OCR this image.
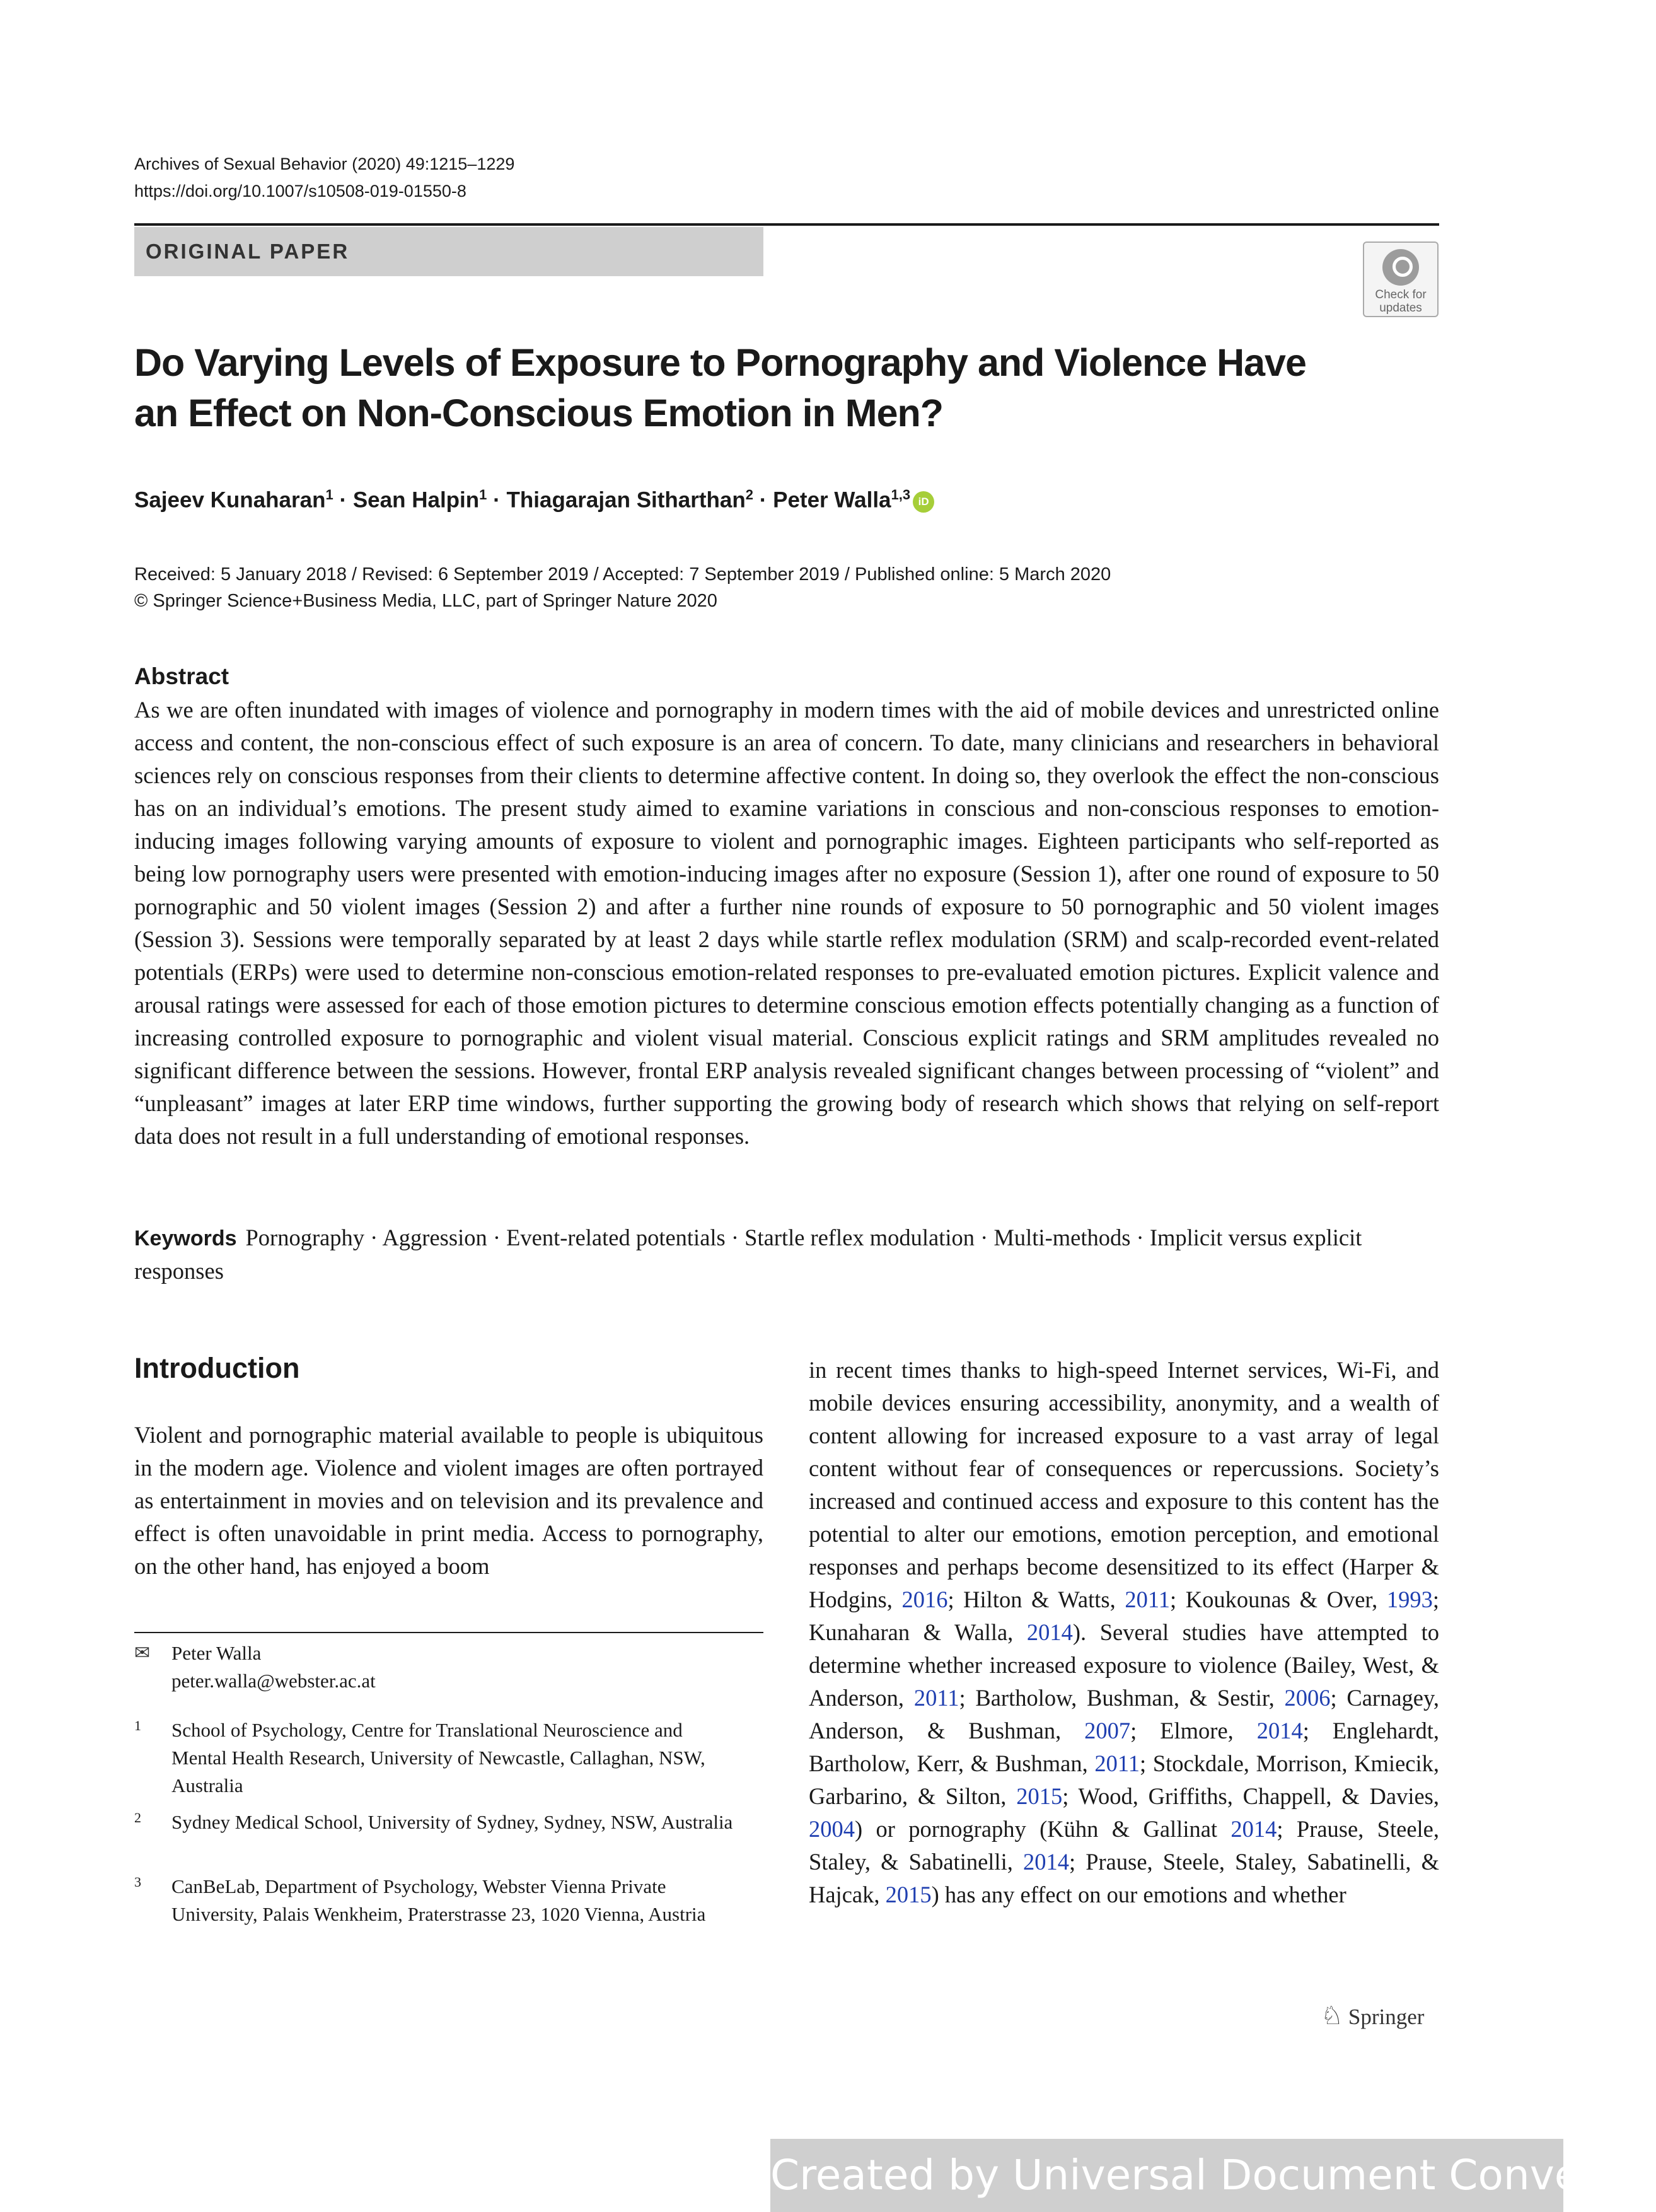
Archives of Sexual Behavior (2020) 49:1215–1229
https://doi.org/10.1007/s10508-019-01550-8
ORIGINAL PAPER
Check for
updates
Do Varying Levels of Exposure to Pornography and Violence Have an Effect on Non-Conscious Emotion in Men?
Sajeev Kunaharan$^1$ · Sean Halpin$^1$ · Thiagarajan Sitharthan$^2$ · Peter Walla$^{1,3}$ iD
Received: 5 January 2018 / Revised: 6 September 2019 / Accepted: 7 September 2019 / Published online: 5 March 2020
© Springer Science+Business Media, LLC, part of Springer Nature 2020
Abstract
As we are often inundated with images of violence and pornography in modern times with the aid of mobile devices and unrestricted online access and content, the non-conscious effect of such exposure is an area of concern. To date, many clinicians and researchers in behavioral sciences rely on conscious responses from their clients to determine affective content. In doing so, they overlook the effect the non-conscious has on an individual’s emotions. The present study aimed to examine variations in conscious and non-conscious responses to emotion-inducing images following varying amounts of exposure to violent and pornographic images. Eighteen participants who self-reported as being low pornography users were presented with emotion-inducing images after no exposure (Session 1), after one round of exposure to 50 pornographic and 50 violent images (Session 2) and after a further nine rounds of exposure to 50 pornographic and 50 violent images (Session 3). Sessions were temporally separated by at least 2 days while startle reflex modulation (SRM) and scalp-recorded event-related potentials (ERPs) were used to determine non-conscious emotion-related responses to pre-evaluated emotion pictures. Explicit valence and arousal ratings were assessed for each of those emotion pictures to determine conscious emotion effects potentially changing as a function of increasing controlled exposure to pornographic and violent visual material. Conscious explicit ratings and SRM amplitudes revealed no significant difference between the sessions. However, frontal ERP analysis revealed significant changes between processing of “violent” and “unpleasant” images at later ERP time windows, further supporting the growing body of research which shows that relying on self-report data does not result in a full understanding of emotional responses.
Keywords Pornography · Aggression · Event-related potentials · Startle reflex modulation · Multi-methods · Implicit versus explicit responses
Introduction
Violent and pornographic material available to people is ubiquitous in the modern age. Violence and violent images are often portrayed as entertainment in movies and on television and its prevalence and effect is often unavoidable in print media. Access to pornography, on the other hand, has enjoyed a boom
in recent times thanks to high-speed Internet services, Wi-Fi, and mobile devices ensuring accessibility, anonymity, and a wealth of content allowing for increased exposure to a vast array of legal content without fear of consequences or repercussions. Society’s increased and continued access and exposure to this content has the potential to alter our emotions, emotion perception, and emotional responses and perhaps become desensitized to its effect (Harper & Hodgins, 2016; Hilton & Watts, 2011; Koukounas & Over, 1993; Kunaharan & Walla, 2014). Several studies have attempted to determine whether increased exposure to violence (Bailey, West, & Anderson, 2011; Bartholow, Bushman, & Sestir, 2006; Carnagey, Anderson, & Bushman, 2007; Elmore, 2014; Englehardt, Bartholow, Kerr, & Bushman, 2011; Stockdale, Morrison, Kmiecik, Garbarino, & Silton, 2015; Wood, Griffiths, Chappell, & Davies, 2004) or pornography (Kühn & Gallinat 2014; Prause, Steele, Staley, & Sabatinelli, 2014; Prause, Steele, Staley, Sabatinelli, & Hajcak, 2015) has any effect on our emotions and whether
✉ Peter Walla
peter.walla@webster.ac.at
1 School of Psychology, Centre for Translational Neuroscience and Mental Health Research, University of Newcastle, Callaghan, NSW, Australia
2 Sydney Medical School, University of Sydney, Sydney, NSW, Australia
3 CanBeLab, Department of Psychology, Webster Vienna Private University, Palais Wenkheim, Praterstrasse 23, 1020 Vienna, Austria
♘ Springer
Created by Universal Document Converter
